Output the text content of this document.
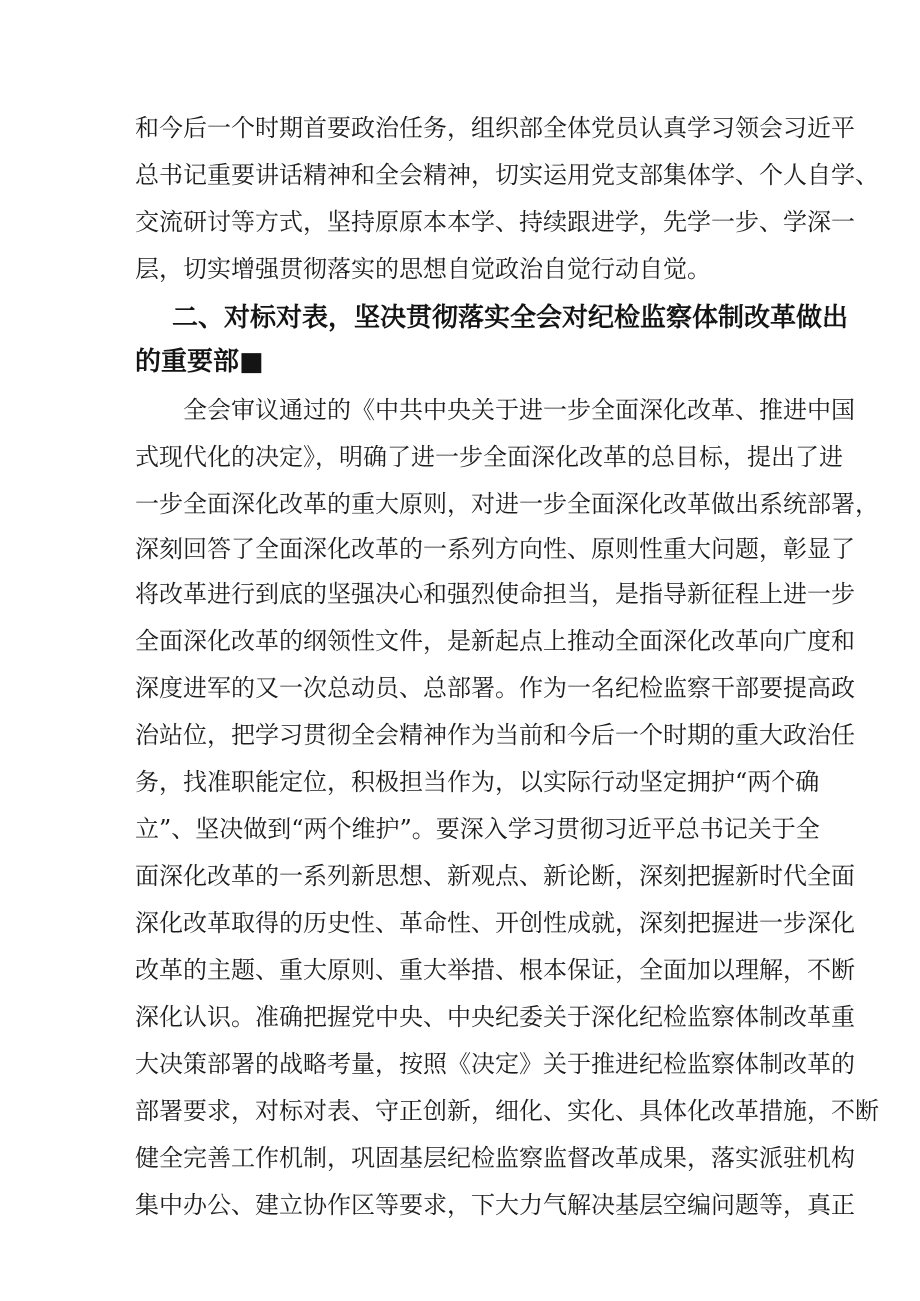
和今后一个时期首要政治任务，组织部全体党员认真学习领会习近平
总书记重要讲话精神和全会精神，切实运用党支部集体学、个人自学、
交流研讨等方式，坚持原原本本学、持续跟进学，先学一步、学深一
层，切实增强贯彻落实的思想自觉政治自觉行动自觉。
二、对标对表，坚决贯彻落实全会对纪检监察体制改革做出
的重要部■
全会审议通过的《中共中央关于进一步全面深化改革、推进中国
式现代化的决定》，明确了进一步全面深化改革的总目标，提出了进
一步全面深化改革的重大原则，对进一步全面深化改革做出系统部署，
深刻回答了全面深化改革的一系列方向性、原则性重大问题，彰显了
将改革进行到底的坚强决心和强烈使命担当，是指导新征程上进一步
全面深化改革的纲领性文件，是新起点上推动全面深化改革向广度和
深度进军的又一次总动员、总部署。作为一名纪检监察干部要提高政
治站位，把学习贯彻全会精神作为当前和今后一个时期的重大政治任
务，找准职能定位，积极担当作为，以实际行动坚定拥护“两个确
立”、坚决做到“两个维护”。要深入学习贯彻习近平总书记关于全
面深化改革的一系列新思想、新观点、新论断，深刻把握新时代全面
深化改革取得的历史性、革命性、开创性成就，深刻把握进一步深化
改革的主题、重大原则、重大举措、根本保证，全面加以理解，不断
深化认识。准确把握党中央、中央纪委关于深化纪检监察体制改革重
大决策部署的战略考量，按照《决定》关于推进纪检监察体制改革的
部署要求，对标对表、守正创新，细化、实化、具体化改革措施，不断
健全完善工作机制，巩固基层纪检监察监督改革成果，落实派驻机构
集中办公、建立协作区等要求，下大力气解决基层空编问题等，真正
